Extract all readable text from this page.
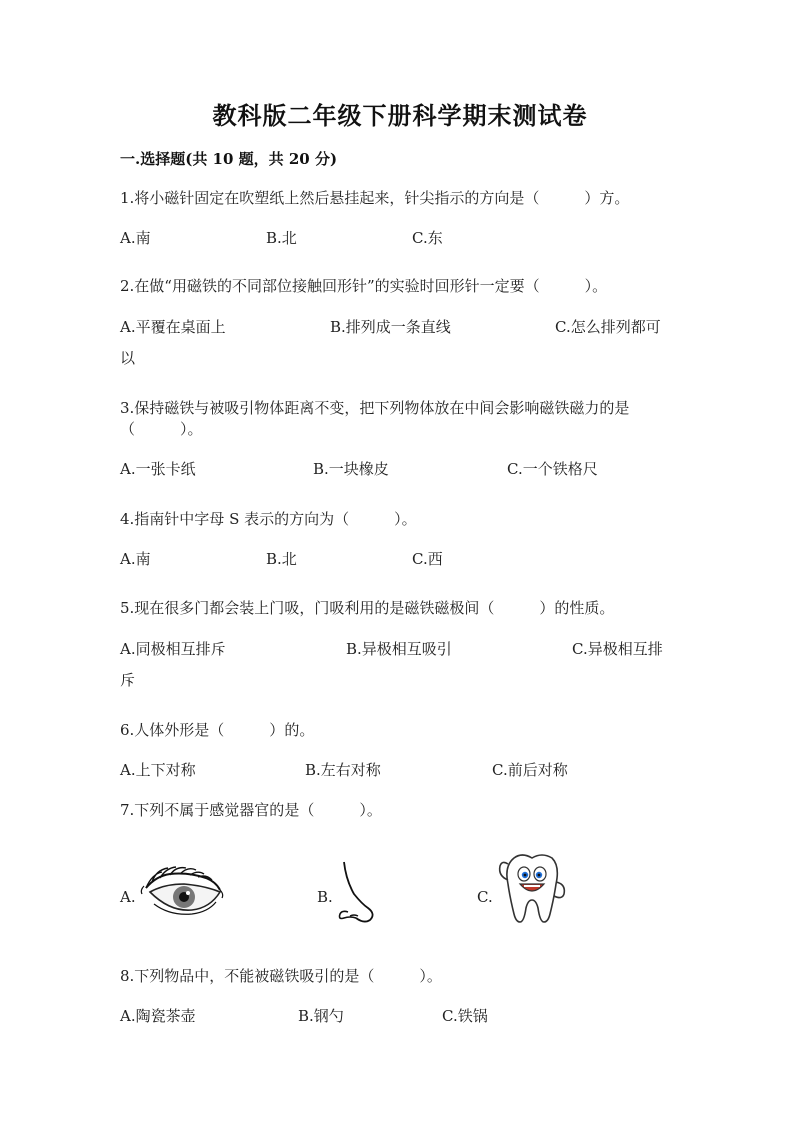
教科版二年级下册科学期末测试卷
一.选择题(共 10 题，共 20 分)
1.将小磁针固定在吹塑纸上然后悬挂起来，针尖指示的方向是（　　　）方。
A.南	B.北	C.东
2.在做“用磁铁的不同部位接触回形针”的实验时回形针一定要（　　　）。
A.平覆在桌面上	B.排列成一条直线	C.怎么排列都可
以
3.保持磁铁与被吸引物体距离不变，把下列物体放在中间会影响磁铁磁力的是
（　　　）。
A.一张卡纸	B.一块橡皮	C.一个铁格尺
4.指南针中字母 S 表示的方向为（　　　）。
A.南	B.北	C.西
5.现在很多门都会装上门吸，门吸利用的是磁铁磁极间（　　　）的性质。
A.同极相互排斥	B.异极相互吸引	C.异极相互排
斥
6.人体外形是（　　　）的。
A.上下对称	B.左右对称	C.前后对称
7.下列不属于感觉器官的是（　　　）。
A.	B.	C.
8.下列物品中，不能被磁铁吸引的是（　　　）。
A.陶瓷茶壶	B.钢勺	C.铁锅
